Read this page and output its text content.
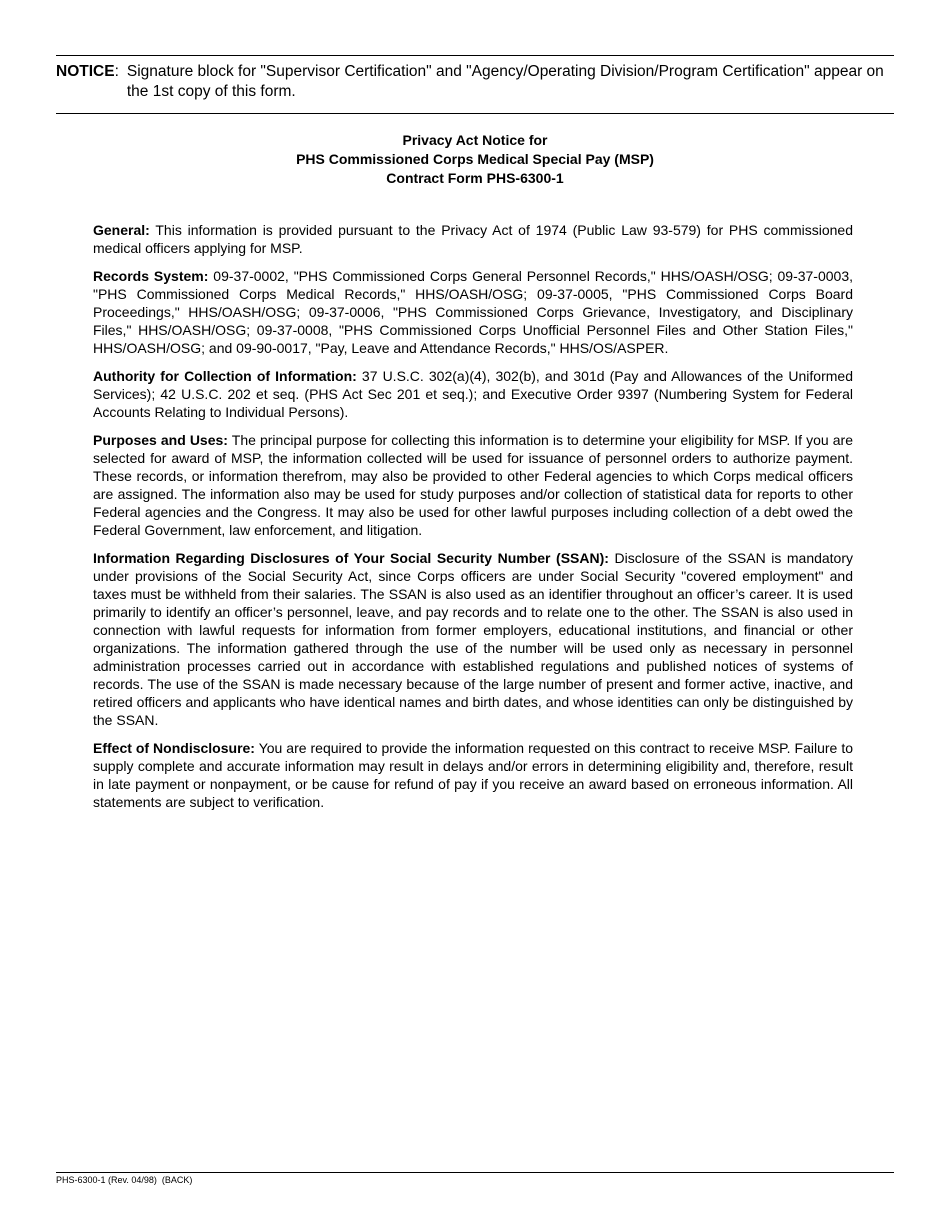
NOTICE : Signature block for "Supervisor Certification" and "Agency/Operating Division/Program Certification" appear on the 1st copy of this form.
Privacy Act Notice for
PHS Commissioned Corps Medical Special Pay (MSP)
Contract Form PHS-6300-1

General: This information is provided pursuant to the Privacy Act of 1974 (Public Law 93-579) for PHS commissioned medical officers applying for MSP.

Records System: 09-37-0002, "PHS Commissioned Corps General Personnel Records," HHS/OASH/OSG; 09-37-0003, "PHS Commissioned Corps Medical Records," HHS/OASH/OSG; 09-37-0005, "PHS Commissioned Corps Board Proceedings," HHS/OASH/OSG; 09-37-0006, "PHS Commissioned Corps Grievance, Investigatory, and Disciplinary Files," HHS/OASH/OSG; 09-37-0008, "PHS Commissioned Corps Unofficial Personnel Files and Other Station Files," HHS/OASH/OSG; and 09-90-0017, "Pay, Leave and Attendance Records," HHS/OS/ASPER.

Authority for Collection of Information: 37 U.S.C. 302(a)(4), 302(b), and 301d (Pay and Allowances of the Uniformed Services); 42 U.S.C. 202 et seq. (PHS Act Sec 201 et seq.); and Executive Order 9397 (Numbering System for Federal Accounts Relating to Individual Persons).

Purposes and Uses: The principal purpose for collecting this information is to determine your eligibility for MSP. If you are selected for award of MSP, the information collected will be used for issuance of personnel orders to authorize payment. These records, or information therefrom, may also be provided to other Federal agencies to which Corps medical officers are assigned. The information also may be used for study purposes and/or collection of statistical data for reports to other Federal agencies and the Congress. It may also be used for other lawful purposes including collection of a debt owed the Federal Government, law enforcement, and litigation.

Information Regarding Disclosures of Your Social Security Number (SSAN): Disclosure of the SSAN is mandatory under provisions of the Social Security Act, since Corps officers are under Social Security "covered employment" and taxes must be withheld from their salaries. The SSAN is also used as an identifier throughout an officer’s career. It is used primarily to identify an officer’s personnel, leave, and pay records and to relate one to the other. The SSAN is also used in connection with lawful requests for information from former employers, educational institutions, and financial or other organizations. The information gathered through the use of the number will be used only as necessary in personnel administration processes carried out in accordance with established regulations and published notices of systems of records. The use of the SSAN is made necessary because of the large number of present and former active, inactive, and retired officers and applicants who have identical names and birth dates, and whose identities can only be distinguished by the SSAN.

Effect of Nondisclosure: You are required to provide the information requested on this contract to receive MSP. Failure to supply complete and accurate information may result in delays and/or errors in determining eligibility and, therefore, result in late payment or nonpayment, or be cause for refund of pay if you receive an award based on erroneous information. All statements are subject to verification.

PHS-6300-1 (Rev. 04/98)  (BACK)
